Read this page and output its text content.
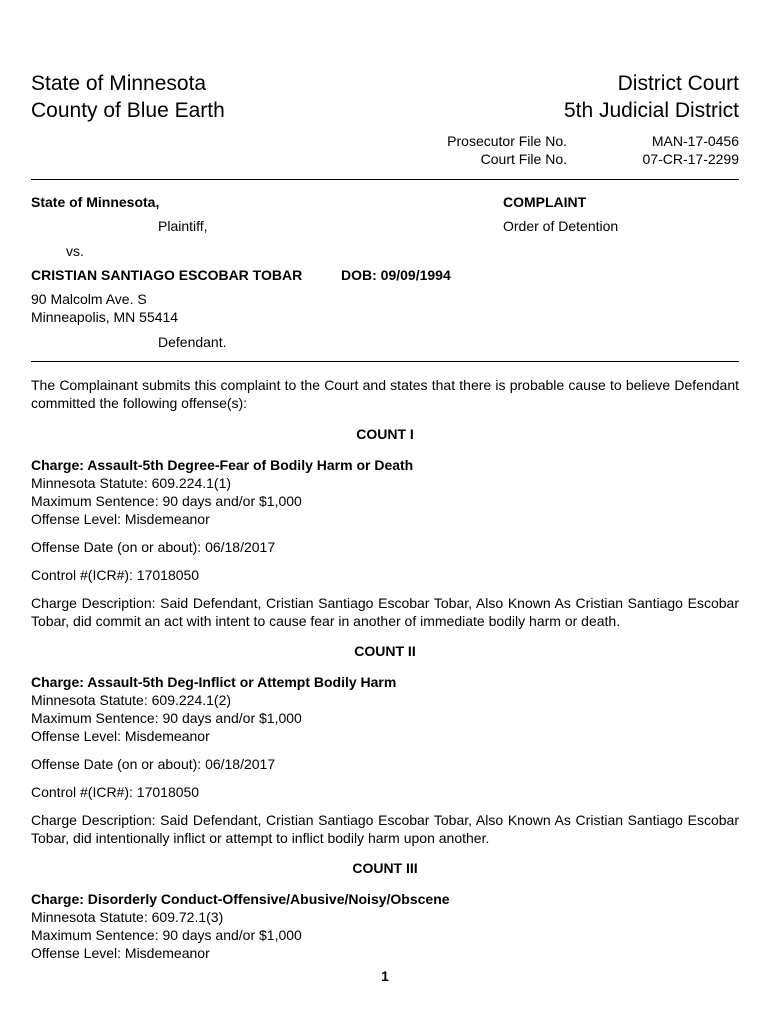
State of Minnesota
County of Blue Earth
District Court
5th Judicial District
Prosecutor File No.	MAN-17-0456
Court File No.	07-CR-17-2299
State of Minnesota,
Plaintiff,
vs.
CRISTIAN SANTIAGO ESCOBAR TOBAR	DOB: 09/09/1994
90 Malcolm Ave. S
Minneapolis, MN 55414
Defendant.
COMPLAINT
Order of Detention
The Complainant submits this complaint to the Court and states that there is probable cause to believe Defendant committed the following offense(s):
COUNT I
Charge: Assault-5th Degree-Fear of Bodily Harm or Death
Minnesota Statute: 609.224.1(1)
Maximum Sentence: 90 days and/or $1,000
Offense Level: Misdemeanor
Offense Date (on or about): 06/18/2017
Control #(ICR#): 17018050
Charge Description: Said Defendant, Cristian Santiago Escobar Tobar, Also Known As Cristian Santiago Escobar Tobar, did commit an act with intent to cause fear in another of immediate bodily harm or death.
COUNT II
Charge: Assault-5th Deg-Inflict or Attempt Bodily Harm
Minnesota Statute: 609.224.1(2)
Maximum Sentence: 90 days and/or $1,000
Offense Level: Misdemeanor
Offense Date (on or about): 06/18/2017
Control #(ICR#): 17018050
Charge Description: Said Defendant, Cristian Santiago Escobar Tobar, Also Known As Cristian Santiago Escobar Tobar, did intentionally inflict or attempt to inflict bodily harm upon another.
COUNT III
Charge: Disorderly Conduct-Offensive/Abusive/Noisy/Obscene
Minnesota Statute: 609.72.1(3)
Maximum Sentence: 90 days and/or $1,000
Offense Level: Misdemeanor
1
